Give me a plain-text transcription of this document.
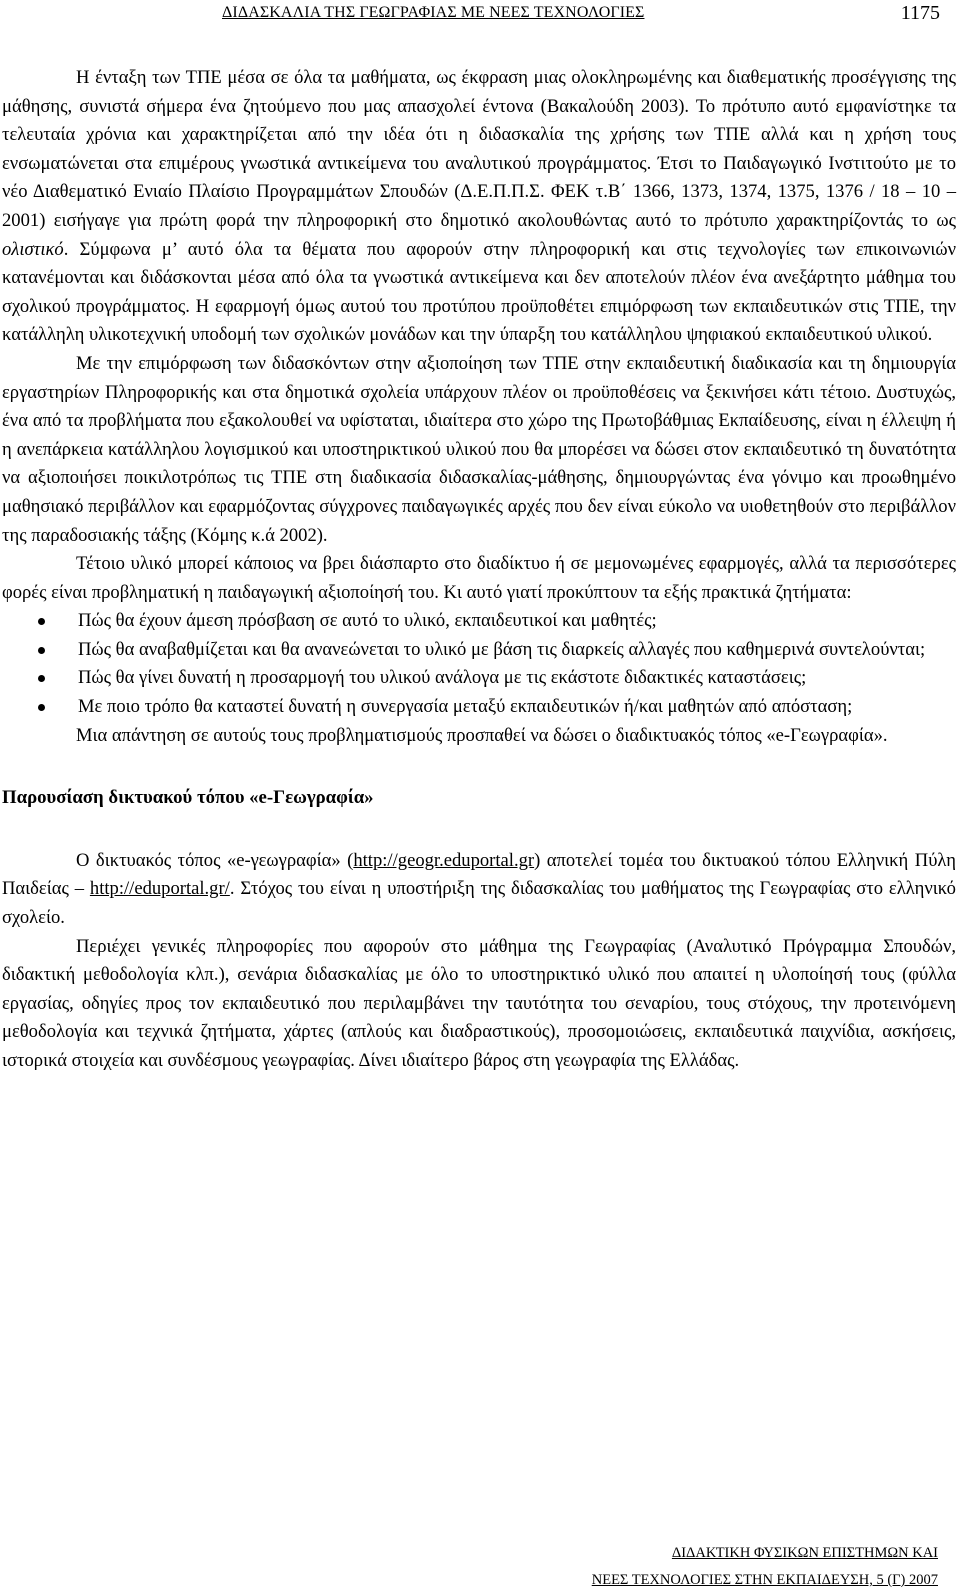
ΔΙΔΑΣΚΑΛΙΑ ΤΗΣ ΓΕΩΓΡΑΦΙΑΣ ΜΕ ΝΕΕΣ ΤΕΧΝΟΛΟΓΙΕΣ	1175

Η ένταξη των ΤΠΕ μέσα σε όλα τα μαθήματα, ως έκφραση μιας ολοκληρωμένης και διαθεματικής προσέγγισης της μάθησης, συνιστά σήμερα ένα ζητούμενο που μας απασχολεί έντονα (Βακαλούδη 2003). Το πρότυπο αυτό εμφανίστηκε τα τελευταία χρόνια και χαρακτηρίζεται από την ιδέα ότι η διδασκαλία της χρήσης των ΤΠΕ αλλά και η χρήση τους ενσωματώνεται στα επιμέρους γνωστικά αντικείμενα του αναλυτικού προγράμματος. Έτσι το Παιδαγωγικό Ινστιτούτο με το νέο Διαθεματικό Ενιαίο Πλαίσιο Προγραμμάτων Σπουδών (Δ.Ε.Π.Π.Σ. ΦΕΚ τ.Β΄ 1366, 1373, 1374, 1375, 1376 / 18 – 10 – 2001) εισήγαγε για πρώτη φορά την πληροφορική στο δημοτικό ακολουθώντας αυτό το πρότυπο χαρακτηρίζοντάς το ως ολιστικό. Σύμφωνα μ’ αυτό όλα τα θέματα που αφορούν στην πληροφορική και στις τεχνολογίες των επικοινωνιών κατανέμονται και διδάσκονται μέσα από όλα τα γνωστικά αντικείμενα και δεν αποτελούν πλέον ένα ανεξάρτητο μάθημα του σχολικού προγράμματος. Η εφαρμογή όμως αυτού του προτύπου προϋποθέτει επιμόρφωση των εκπαιδευτικών στις ΤΠΕ, την κατάλληλη υλικοτεχνική υποδομή των σχολικών μονάδων και την ύπαρξη του κατάλληλου ψηφιακού εκπαιδευτικού υλικού.

Με την επιμόρφωση των διδασκόντων στην αξιοποίηση των ΤΠΕ στην εκπαιδευτική διαδικασία και τη δημιουργία εργαστηρίων Πληροφορικής και στα δημοτικά σχολεία υπάρχουν πλέον οι προϋποθέσεις να ξεκινήσει κάτι τέτοιο. Δυστυχώς, ένα από τα προβλήματα που εξακολουθεί να υφίσταται, ιδιαίτερα στο χώρο της Πρωτοβάθμιας Εκπαίδευσης, είναι η έλλειψη ή η ανεπάρκεια κατάλληλου λογισμικού και υποστηρικτικού υλικού που θα μπορέσει να δώσει στον εκπαιδευτικό τη δυνατότητα να αξιοποιήσει ποικιλοτρόπως τις ΤΠΕ στη διαδικασία διδασκαλίας-μάθησης, δημιουργώντας ένα γόνιμο και προωθημένο μαθησιακό περιβάλλον και εφαρμόζοντας σύγχρονες παιδαγωγικές αρχές που δεν είναι εύκολο να υιοθετηθούν στο περιβάλλον της παραδοσιακής τάξης (Κόμης κ.ά 2002).

Τέτοιο υλικό μπορεί κάποιος να βρει διάσπαρτο στο διαδίκτυο ή σε μεμονωμένες εφαρμογές, αλλά τα περισσότερες φορές είναι προβληματική η παιδαγωγική αξιοποίησή του. Κι αυτό γιατί προκύπτουν τα εξής πρακτικά ζητήματα:

Πώς θα έχουν άμεση πρόσβαση σε αυτό το υλικό, εκπαιδευτικοί και μαθητές;
Πώς θα αναβαθμίζεται και θα ανανεώνεται το υλικό με βάση τις διαρκείς αλλαγές που καθημερινά συντελούνται;
Πώς θα γίνει δυνατή η προσαρμογή του υλικού ανάλογα με τις εκάστοτε διδακτικές καταστάσεις;
Με ποιο τρόπο θα καταστεί δυνατή η συνεργασία μεταξύ εκπαιδευτικών ή/και μαθητών από απόσταση;

Μια απάντηση σε αυτούς τους προβληματισμούς προσπαθεί να δώσει ο διαδικτυακός τόπος «e-Γεωγραφία».

Παρουσίαση δικτυακού τόπου «e-Γεωγραφία»

Ο δικτυακός τόπος «e-γεωγραφία» (http://geogr.eduportal.gr) αποτελεί τομέα του δικτυακού τόπου Ελληνική Πύλη Παιδείας – http://eduportal.gr/. Στόχος του είναι η υποστήριξη της διδασκαλίας του μαθήματος της Γεωγραφίας στο ελληνικό σχολείο.

Περιέχει γενικές πληροφορίες που αφορούν στο μάθημα της Γεωγραφίας (Αναλυτικό Πρόγραμμα Σπουδών, διδακτική μεθοδολογία κλπ.), σενάρια διδασκαλίας με όλο το υποστηρικτικό υλικό που απαιτεί η υλοποίησή τους (φύλλα εργασίας, οδηγίες προς τον εκπαιδευτικό που περιλαμβάνει την ταυτότητα του σεναρίου, τους στόχους, την προτεινόμενη μεθοδολογία και τεχνικά ζητήματα, χάρτες (απλούς και διαδραστικούς), προσομοιώσεις, εκπαιδευτικά παιχνίδια, ασκήσεις, ιστορικά στοιχεία και συνδέσμους γεωγραφίας. Δίνει ιδιαίτερο βάρος στη γεωγραφία της Ελλάδας.

ΔΙΔΑΚΤΙΚΗ ΦΥΣΙΚΩΝ ΕΠΙΣΤΗΜΩΝ ΚΑΙ
ΝΕΕΣ ΤΕΧΝΟΛΟΓΙΕΣ ΣΤΗΝ ΕΚΠΑΙΔΕΥΣΗ, 5 (Γ) 2007
